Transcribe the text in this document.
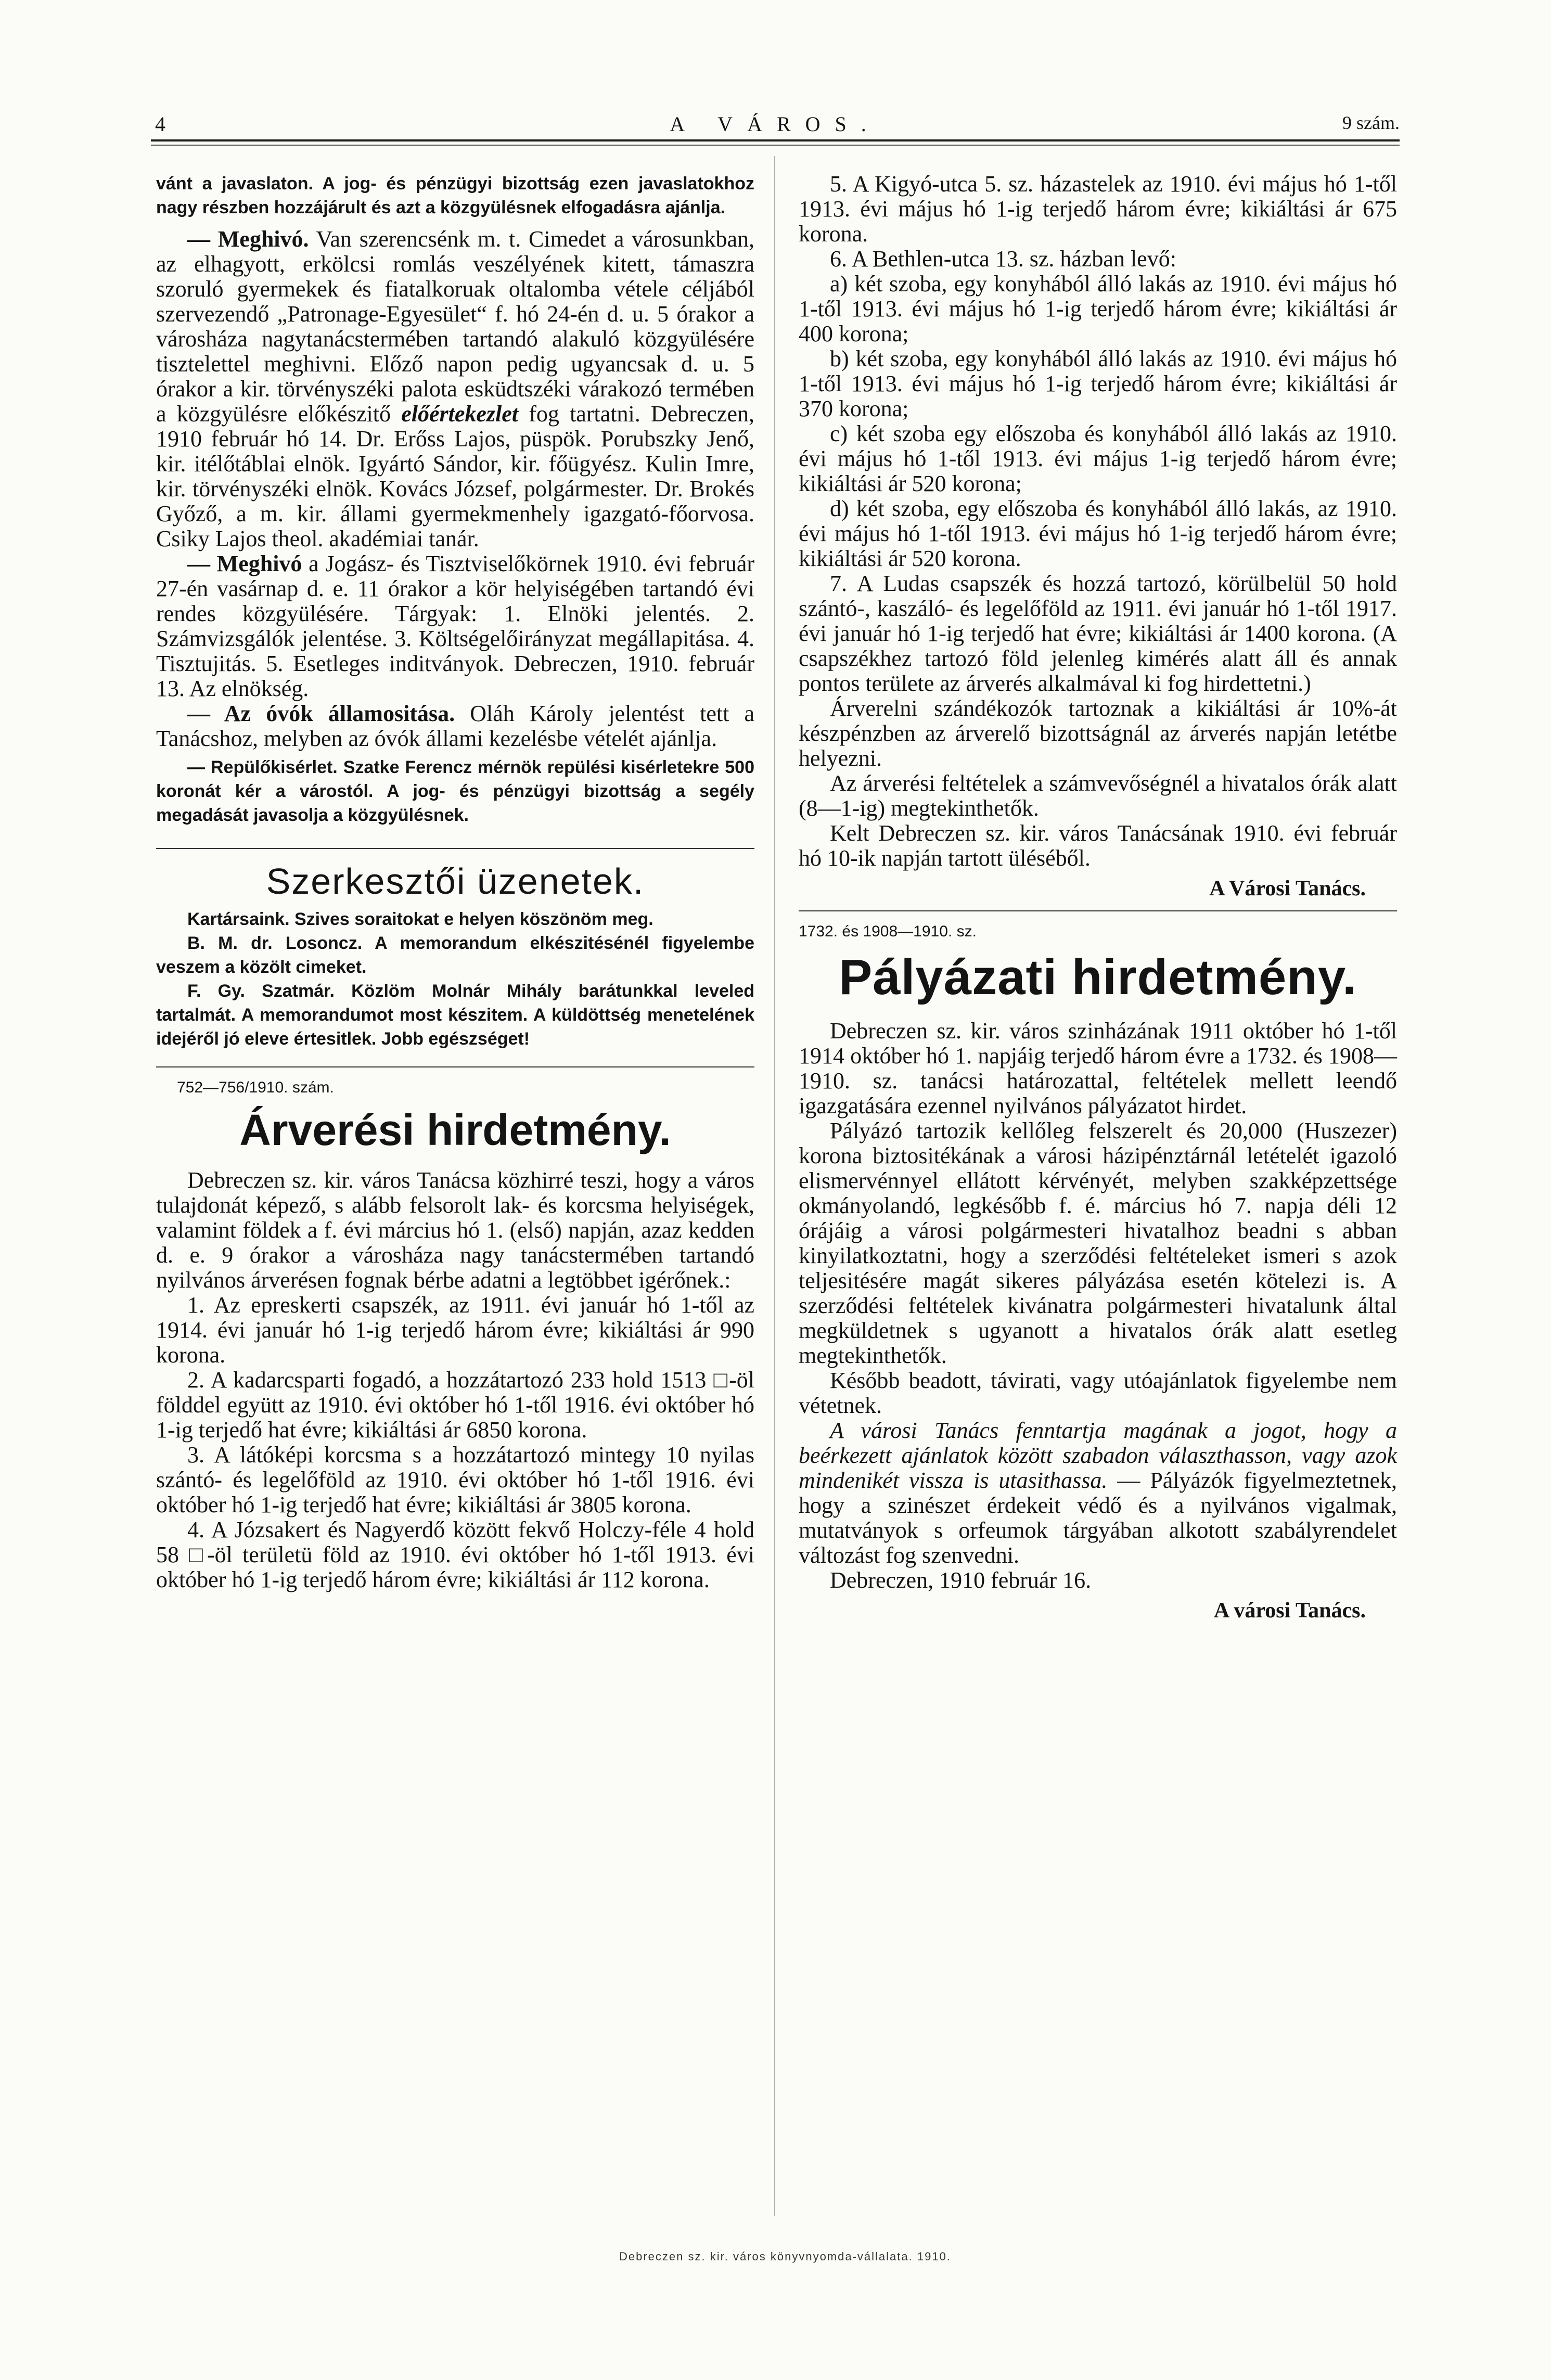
4	A VÁROS.	9 szám.

vánt a javaslaton. A jog- és pénzügyi bizottság ezen javaslatokhoz nagy részben hozzájárult és azt a közgyülésnek elfogadásra ajánlja.

— Meghivó. Van szerencsénk m. t. Cimedet a városunkban, az elhagyott, erkölcsi romlás veszélyének kitett, támaszra szoruló gyermekek és fiatalkoruak oltalomba vétele céljából szervezendő „Patronage-Egyesület“ f. hó 24-én d. u. 5 órakor a városháza nagytanácstermében tartandó alakuló közgyülésére tisztelettel meghivni. Előző napon pedig ugyancsak d. u. 5 órakor a kir. törvényszéki palota esküdtszéki várakozó termében a közgyülésre előkészitő előértekezlet fog tartatni. Debreczen, 1910 február hó 14. Dr. Erőss Lajos, püspök. Porubszky Jenő, kir. itélőtáblai elnök. Igyártó Sándor, kir. főügyész. Kulin Imre, kir. törvényszéki elnök. Kovács József, polgármester. Dr. Brokés Győző, a m. kir. állami gyermekmenhely igazgató-főorvosa. Csiky Lajos theol. akadémiai tanár.

— Meghivó a Jogász- és Tisztviselőkörnek 1910. évi február 27-én vasárnap d. e. 11 órakor a kör helyiségében tartandó évi rendes közgyülésére. Tárgyak: 1. Elnöki jelentés. 2. Számvizsgálók jelentése. 3. Költségelőirányzat megállapitása. 4. Tisztujitás. 5. Esetleges inditványok. Debreczen, 1910. február 13. Az elnökség.

— Az óvók államositása. Oláh Károly jelentést tett a Tanácshoz, melyben az óvók állami kezelésbe vételét ajánlja.

— Repülőkisérlet. Szatke Ferencz mérnök repülési kisérletekre 500 koronát kér a várostól. A jog- és pénzügyi bizottság a segély megadását javasolja a közgyülésnek.

Szerkesztői üzenetek.

Kartársaink. Szives soraitokat e helyen köszönöm meg.

B. M. dr. Losoncz. A memorandum elkészitésénél figyelembe veszem a közölt cimeket.

F. Gy. Szatmár. Közlöm Molnár Mihály barátunkkal leveled tartalmát. A memorandumot most készitem. A küldöttség menetelének idejéről jó eleve értesitlek. Jobb egészséget!

752—756/1910. szám.
Árverési hirdetmény.

Debreczen sz. kir. város Tanácsa közhirré teszi, hogy a város tulajdonát képező, s alább felsorolt lak- és korcsma helyiségek, valamint földek a f. évi március hó 1. (első) napján, azaz kedden d. e. 9 órakor a városháza nagy tanácstermében tartandó nyilvános árverésen fognak bérbe adatni a legtöbbet igérőnek.:

1. Az epreskerti csapszék, az 1911. évi január hó 1-től az 1914. évi január hó 1-ig terjedő három évre; kikiáltási ár 990 korona.

2. A kadarcsparti fogadó, a hozzátartozó 233 hold 1513 □-öl földdel együtt az 1910. évi október hó 1-től 1916. évi október hó 1-ig terjedő hat évre; kikiáltási ár 6850 korona.

3. A látóképi korcsma s a hozzátartozó mintegy 10 nyilas szántó- és legelőföld az 1910. évi október hó 1-től 1916. évi október hó 1-ig terjedő hat évre; kikiáltási ár 3805 korona.

4. A Józsakert és Nagyerdő között fekvő Holczy-féle 4 hold 58 □-öl területü föld az 1910. évi október hó 1-től 1913. évi október hó 1-ig terjedő három évre; kikiáltási ár 112 korona.

5. A Kigyó-utca 5. sz. házastelek az 1910. évi május hó 1-től 1913. évi május hó 1-ig terjedő három évre; kikiáltási ár 675 korona.

6. A Bethlen-utca 13. sz. házban levő:

a) két szoba, egy konyhából álló lakás az 1910. évi május hó 1-től 1913. évi május hó 1-ig terjedő három évre; kikiáltási ár 400 korona;

b) két szoba, egy konyhából álló lakás az 1910. évi május hó 1-től 1913. évi május hó 1-ig terjedő három évre; kikiáltási ár 370 korona;

c) két szoba egy előszoba és konyhából álló lakás az 1910. évi május hó 1-től 1913. évi május 1-ig terjedő három évre; kikiáltási ár 520 korona;

d) két szoba, egy előszoba és konyhából álló lakás, az 1910. évi május hó 1-től 1913. évi május hó 1-ig terjedő három évre; kikiáltási ár 520 korona.

7. A Ludas csapszék és hozzá tartozó, körülbelül 50 hold szántó-, kaszáló- és legelőföld az 1911. évi január hó 1-től 1917. évi január hó 1-ig terjedő hat évre; kikiáltási ár 1400 korona. (A csapszékhez tartozó föld jelenleg kimérés alatt áll és annak pontos területe az árverés alkalmával ki fog hirdettetni.)

Árverelni szándékozók tartoznak a kikiáltási ár 10%-át készpénzben az árverelő bizottságnál az árverés napján letétbe helyezni.

Az árverési feltételek a számvevőségnél a hivatalos órák alatt (8—1-ig) megtekinthetők.

Kelt Debreczen sz. kir. város Tanácsának 1910. évi február hó 10-ik napján tartott üléséből.

A Városi Tanács.
1732. és 1908—1910. sz.
Pályázati hirdetmény.

Debreczen sz. kir. város szinházának 1911 október hó 1-től 1914 október hó 1. napjáig terjedő három évre a 1732. és 1908—1910. sz. tanácsi határozattal, feltételek mellett leendő igazgatására ezennel nyilvános pályázatot hirdet.

Pályázó tartozik kellőleg felszerelt és 20,000 (Huszezer) korona biztositékának a városi házipénztárnál letételét igazoló elismervénnyel ellátott kérvényét, melyben szakképzettsége okmányolandó, legkésőbb f. é. március hó 7. napja déli 12 órájáig a városi polgármesteri hivatalhoz beadni s abban kinyilatkoztatni, hogy a szerződési feltételeket ismeri s azok teljesitésére magát sikeres pályázása esetén kötelezi is. A szerződési feltételek kivánatra polgármesteri hivatalunk által megküldetnek s ugyanott a hivatalos órák alatt esetleg megtekinthetők.

Később beadott, távirati, vagy utóajánlatok figyelembe nem vétetnek.

A városi Tanács fenntartja magának a jogot, hogy a beérkezett ajánlatok között szabadon választhasson, vagy azok mindenikét vissza is utasithassa. — Pályázók figyelmeztetnek, hogy a szinészet érdekeit védő és a nyilvános vigalmak, mutatványok s orfeumok tárgyában alkotott szabályrendelet változást fog szenvedni.

Debreczen, 1910 február 16.

A városi Tanács.
Debreczen sz. kir. város könyvnyomda-vállalata. 1910.
